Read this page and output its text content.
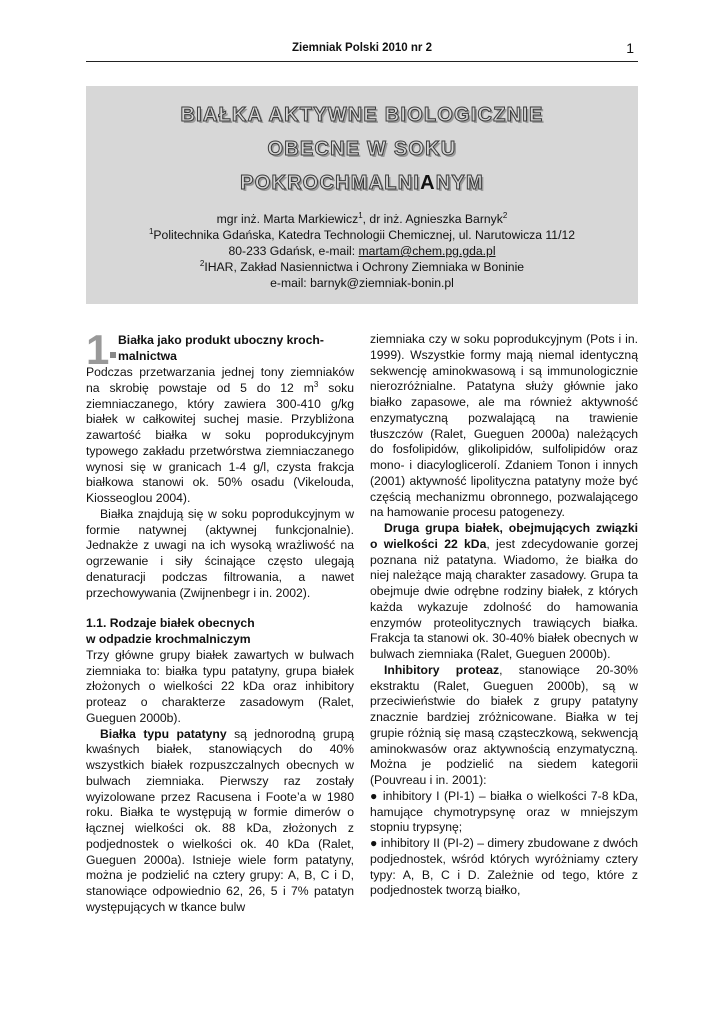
Ziemniak Polski 2010 nr 2	1
BIAŁKA AKTYWNE BIOLOGICZNIE
OBECNE W SOKU
POKROCHMALNIANYM
mgr inż. Marta Markiewicz$^1$, dr inż. Agnieszka Barnyk$^2$
$^1$Politechnika Gdańska, Katedra Technologii Chemicznej, ul. Narutowicza 11/12
80-233 Gdańsk, e-mail: martam@chem.pg.gda.pl
$^2$IHAR, Zakład Nasiennictwa i Ochrony Ziemniaka w Boninie
e-mail: barnyk@ziemniak-bonin.pl
1 Białka jako produkt uboczny kroch-malnictwa

Podczas przetwarzania jednej tony ziemniaków na skrobię powstaje od 5 do 12 $m^3$ soku ziemniaczanego, który zawiera 300-410 g/kg białek w całkowitej suchej masie. Przybliżona zawartość białka w soku poprodukcyjnym typowego zakładu przetwórstwa ziemniaczanego wynosi się w granicach 1-4 g/l, czysta frakcja białkowa stanowi ok. 50% osadu (Vikelouda, Kiosseoglou 2004).

Białka znajdują się w soku poprodukcyjnym w formie natywnej (aktywnej funkcjonalnie). Jednakże z uwagi na ich wysoką wrażliwość na ogrzewanie i siły ścinające często ulegają denaturacji podczas filtrowania, a nawet przechowywania (Zwijnenbegr i in. 2002).

1.1. Rodzaje białek obecnych
w odpadzie krochmalniczym

Trzy główne grupy białek zawartych w bulwach ziemniaka to: białka typu patatyny, grupa białek złożonych o wielkości 22 kDa oraz inhibitory proteaz o charakterze zasadowym (Ralet, Gueguen 2000b).

Białka typu patatyny są jednorodną grupą kwaśnych białek, stanowiących do 40% wszystkich białek rozpuszczalnych obecnych w bulwach ziemniaka. Pierwszy raz zostały wyizolowane przez Racusena i Foote’a w 1980 roku. Białka te występują w formie dimerów o łącznej wielkości ok. 88 kDa, złożonych z podjednostek o wielkości ok. 40 kDa (Ralet, Gueguen 2000a). Istnieje wiele form patatyny, można je podzielić na cztery grupy: A, B, C i D, stanowiące odpowiednio 62, 26, 5 i 7% patatyn występujących w tkance bulw

ziemniaka czy w soku poprodukcyjnym (Pots i in. 1999). Wszystkie formy mają niemal identyczną sekwencję aminokwasową i są immunologicznie nierozróżnialne. Patatyna służy głównie jako białko zapasowe, ale ma również aktywność enzymatyczną pozwalającą na trawienie tłuszczów (Ralet, Gueguen 2000a) należących do fosfolipidów, glikolipidów, sulfolipidów oraz mono- i diacyloglicerolí. Zdaniem Tonon i innych (2001) aktywność lipolityczna patatyny może być częścią mechanizmu obronnego, pozwalającego na hamowanie procesu patogenezy.

Druga grupa białek, obejmujących związki o wielkości 22 kDa, jest zdecydowanie gorzej poznana niż patatyna. Wiadomo, że białka do niej należące mają charakter zasadowy. Grupa ta obejmuje dwie odrębne rodziny białek, z których każda wykazuje zdolność do hamowania enzymów proteolitycznych trawiących białka. Frakcja ta stanowi ok. 30-40% białek obecnych w bulwach ziemniaka (Ralet, Gueguen 2000b).

Inhibitory proteaz, stanowiące 20-30% ekstraktu (Ralet, Gueguen 2000b), są w przeciwieństwie do białek z grupy patatyny znacznie bardziej zróżnicowane. Białka w tej grupie różnią się masą cząsteczkową, sekwencją aminokwasów oraz aktywnością enzymatyczną. Można je podzielić na siedem kategorii (Pouvreau i in. 2001):

● inhibitory I (PI-1) – białka o wielkości 7-8 kDa, hamujące chymotrypsynę oraz w mniejszym stopniu trypsynę;

● inhibitory II (PI-2) – dimery zbudowane z dwóch podjednostek, wśród których wyróżniamy cztery typy: A, B, C i D. Zależnie od tego, które z podjednostek tworzą białko,
